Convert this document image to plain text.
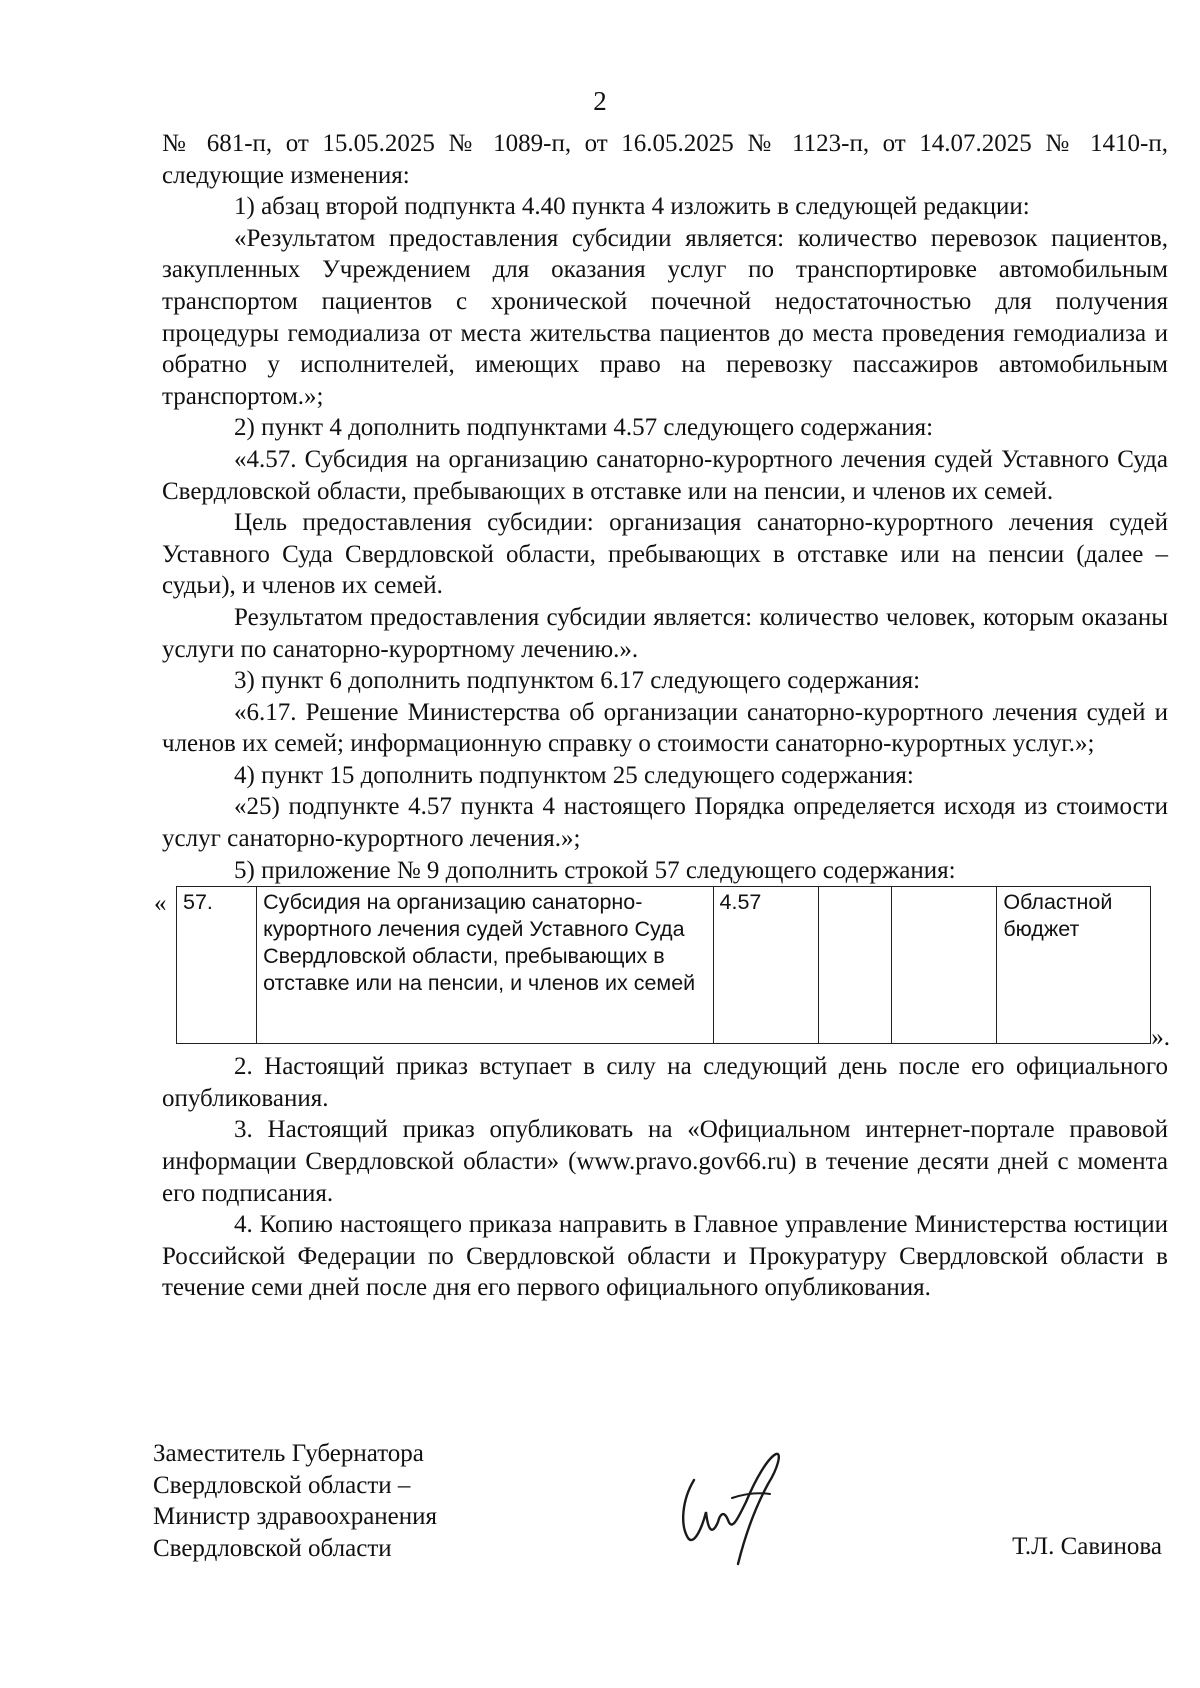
2

№ 681-п, от 15.05.2025 № 1089-п, от 16.05.2025 № 1123-п, от 14.07.2025 № 1410-п, следующие изменения:

1) абзац второй подпункта 4.40 пункта 4 изложить в следующей редакции:

«Результатом предоставления субсидии является: количество перевозок пациентов, закупленных Учреждением для оказания услуг по транспортировке автомобильным транспортом пациентов с хронической почечной недостаточностью для получения процедуры гемодиализа от места жительства пациентов до места проведения гемодиализа и обратно у исполнителей, имеющих право на перевозку пассажиров автомобильным транспортом.»;

2) пункт 4 дополнить подпунктами 4.57 следующего содержания:

«4.57. Субсидия на организацию санаторно-курортного лечения судей Уставного Суда Свердловской области, пребывающих в отставке или на пенсии, и членов их семей.

Цель предоставления субсидии: организация санаторно-курортного лечения судей Уставного Суда Свердловской области, пребывающих в отставке или на пенсии (далее – судьи), и членов их семей.

Результатом предоставления субсидии является: количество человек, которым оказаны услуги по санаторно-курортному лечению.».

3) пункт 6 дополнить подпунктом 6.17 следующего содержания:

«6.17. Решение Министерства об организации санаторно-курортного лечения судей и членов их семей; информационную справку о стоимости санаторно-курортных услуг.»;

4) пункт 15 дополнить подпунктом 25 следующего содержания:

«25) подпункте 4.57 пункта 4 настоящего Порядка определяется исходя из стоимости услуг санаторно-курортного лечения.»;

5) приложение № 9 дополнить строкой 57 следующего содержания:

« 57.	Субсидия на организацию санаторно-курортного лечения судей Уставного Суда Свердловской области, пребывающих в отставке или на пенсии, и членов их семей	4.57			Областной бюджет
».

2. Настоящий приказ вступает в силу на следующий день после его официального опубликования.

3. Настоящий приказ опубликовать на «Официальном интернет-портале правовой информации Свердловской области» (www.pravo.gov66.ru) в течение десяти дней с момента его подписания.

4. Копию настоящего приказа направить в Главное управление Министерства юстиции Российской Федерации по Свердловской области и Прокуратуру Свердловской области в течение семи дней после дня его первого официального опубликования.

Заместитель Губернатора
Свердловской области –
Министр здравоохранения
Свердловской области	Т.Л. Савинова
